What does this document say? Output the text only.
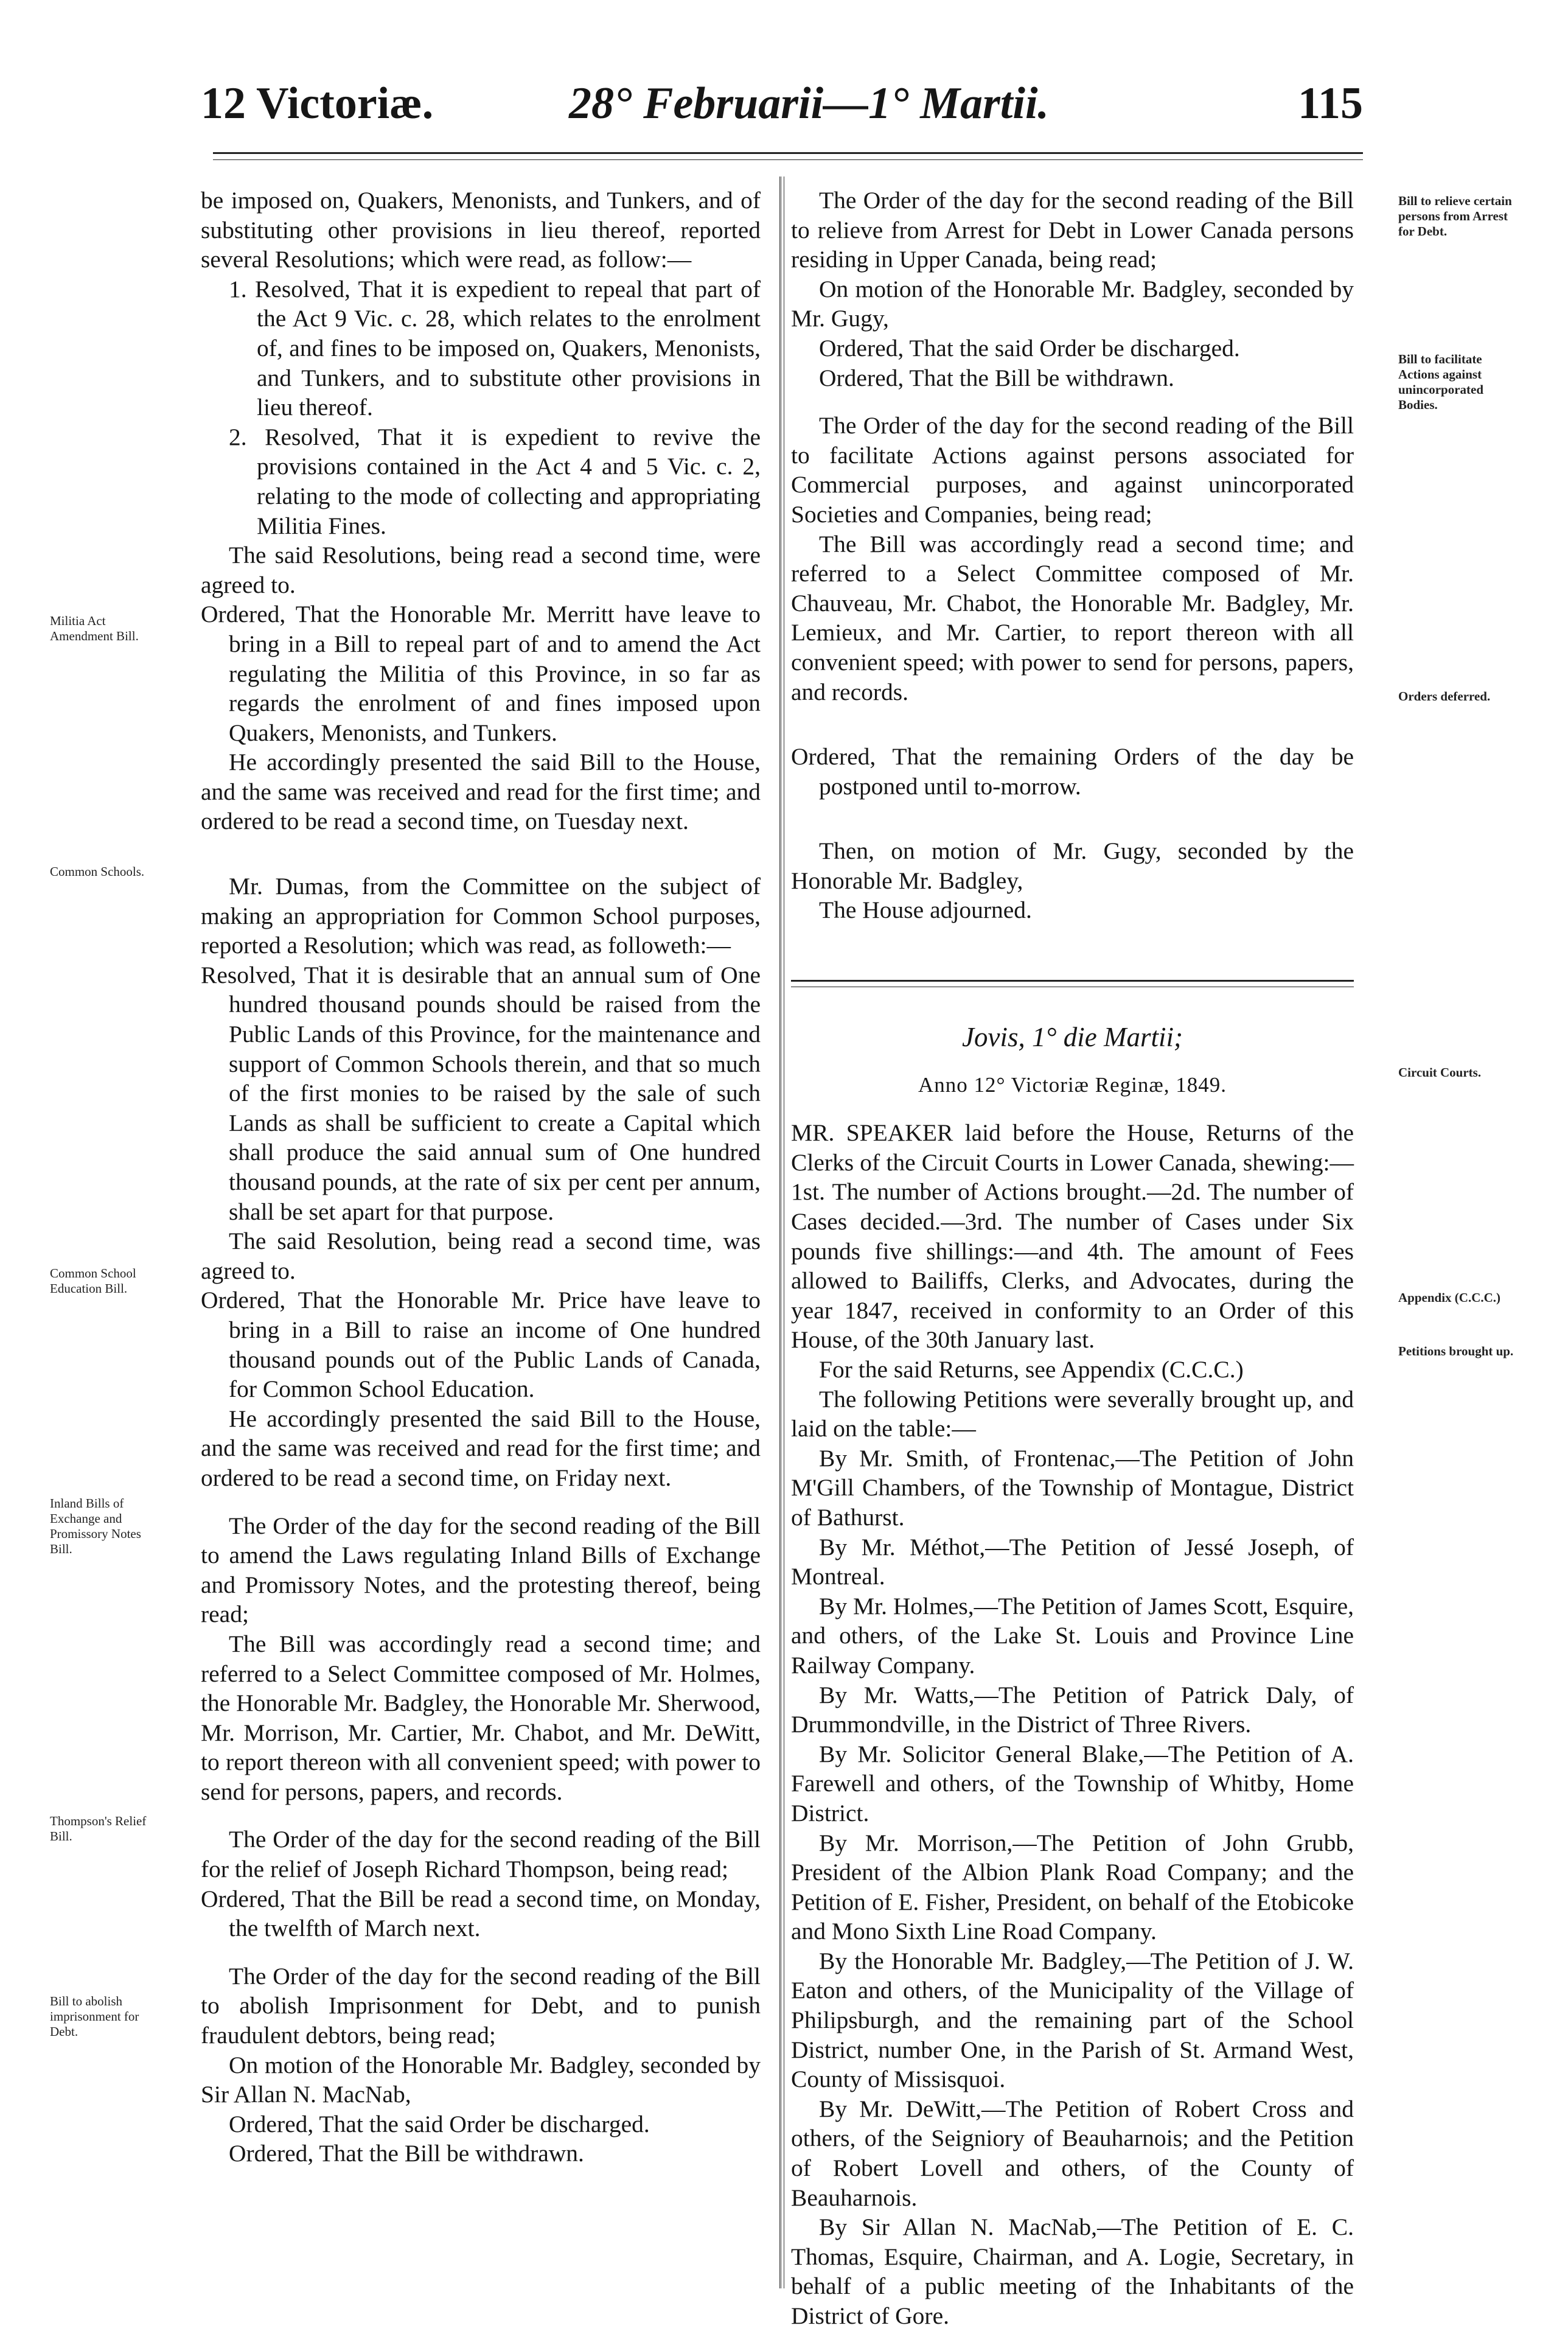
12 Victoriæ.	28° Februarii—1° Martii.	115
Militia Act Amendment Bill.
Common Schools.
Common School Education Bill.
Inland Bills of Exchange and Promissory Notes Bill.
Thompson's Relief Bill.
Bill to abolish imprisonment for Debt.
Bill to relieve certain persons from Arrest for Debt.
Bill to facilitate Actions against unincorporated Bodies.
Orders deferred.
Circuit Courts.
Appendix (C.C.C.)
Petitions brought up.

be imposed on, Quakers, Menonists, and Tunkers, and of substituting other provisions in lieu thereof, reported several Resolutions; which were read, as follow:—

1. Resolved, That it is expedient to repeal that part of the Act 9 Vic. c. 28, which relates to the enrolment of, and fines to be imposed on, Quakers, Menonists, and Tunkers, and to substitute other provisions in lieu thereof.

2. Resolved, That it is expedient to revive the provisions contained in the Act 4 and 5 Vic. c. 2, relating to the mode of collecting and appropriating Militia Fines.

The said Resolutions, being read a second time, were agreed to.

Ordered, That the Honorable Mr. Merritt have leave to bring in a Bill to repeal part of and to amend the Act regulating the Militia of this Province, in so far as regards the enrolment of and fines imposed upon Quakers, Menonists, and Tunkers.

He accordingly presented the said Bill to the House, and the same was received and read for the first time; and ordered to be read a second time, on Tuesday next.

Mr. Dumas, from the Committee on the subject of making an appropriation for Common School purposes, reported a Resolution; which was read, as followeth:—

Resolved, That it is desirable that an annual sum of One hundred thousand pounds should be raised from the Public Lands of this Province, for the maintenance and support of Common Schools therein, and that so much of the first monies to be raised by the sale of such Lands as shall be sufficient to create a Capital which shall produce the said annual sum of One hundred thousand pounds, at the rate of six per cent per annum, shall be set apart for that purpose.

The said Resolution, being read a second time, was agreed to.

Ordered, That the Honorable Mr. Price have leave to bring in a Bill to raise an income of One hundred thousand pounds out of the Public Lands of Canada, for Common School Education.

He accordingly presented the said Bill to the House, and the same was received and read for the first time; and ordered to be read a second time, on Friday next.

The Order of the day for the second reading of the Bill to amend the Laws regulating Inland Bills of Exchange and Promissory Notes, and the protesting thereof, being read;

The Bill was accordingly read a second time; and referred to a Select Committee composed of Mr. Holmes, the Honorable Mr. Badgley, the Honorable Mr. Sherwood, Mr. Morrison, Mr. Cartier, Mr. Chabot, and Mr. DeWitt, to report thereon with all convenient speed; with power to send for persons, papers, and records.

The Order of the day for the second reading of the Bill for the relief of Joseph Richard Thompson, being read;

Ordered, That the Bill be read a second time, on Monday, the twelfth of March next.

The Order of the day for the second reading of the Bill to abolish Imprisonment for Debt, and to punish fraudulent debtors, being read;

On motion of the Honorable Mr. Badgley, seconded by Sir Allan N. MacNab,

Ordered, That the said Order be discharged.

Ordered, That the Bill be withdrawn.

The Order of the day for the second reading of the Bill to relieve from Arrest for Debt in Lower Canada persons residing in Upper Canada, being read;

On motion of the Honorable Mr. Badgley, seconded by Mr. Gugy,

Ordered, That the said Order be discharged.

Ordered, That the Bill be withdrawn.

The Order of the day for the second reading of the Bill to facilitate Actions against persons associated for Commercial purposes, and against unincorporated Societies and Companies, being read;

The Bill was accordingly read a second time; and referred to a Select Committee composed of Mr. Chauveau, Mr. Chabot, the Honorable Mr. Badgley, Mr. Lemieux, and Mr. Cartier, to report thereon with all convenient speed; with power to send for persons, papers, and records.

Ordered, That the remaining Orders of the day be postponed until to-morrow.

Then, on motion of Mr. Gugy, seconded by the Honorable Mr. Badgley,

The House adjourned.

Jovis, 1° die Martii;

Anno 12° Victoriæ Reginæ, 1849.

MR. SPEAKER laid before the House, Returns of the Clerks of the Circuit Courts in Lower Canada, shewing:—1st. The number of Actions brought.—2d. The number of Cases decided.—3rd. The number of Cases under Six pounds five shillings:—and 4th. The amount of Fees allowed to Bailiffs, Clerks, and Advocates, during the year 1847, received in conformity to an Order of this House, of the 30th January last.

For the said Returns, see Appendix (C.C.C.)

The following Petitions were severally brought up, and laid on the table:—

By Mr. Smith, of Frontenac,—The Petition of John M'Gill Chambers, of the Township of Montague, District of Bathurst.

By Mr. Méthot,—The Petition of Jessé Joseph, of Montreal.

By Mr. Holmes,—The Petition of James Scott, Esquire, and others, of the Lake St. Louis and Province Line Railway Company.

By Mr. Watts,—The Petition of Patrick Daly, of Drummondville, in the District of Three Rivers.

By Mr. Solicitor General Blake,—The Petition of A. Farewell and others, of the Township of Whitby, Home District.

By Mr. Morrison,—The Petition of John Grubb, President of the Albion Plank Road Company; and the Petition of E. Fisher, President, on behalf of the Etobicoke and Mono Sixth Line Road Company.

By the Honorable Mr. Badgley,—The Petition of J. W. Eaton and others, of the Municipality of the Village of Philipsburgh, and the remaining part of the School District, number One, in the Parish of St. Armand West, County of Missisquoi.

By Mr. DeWitt,—The Petition of Robert Cross and others, of the Seigniory of Beauharnois; and the Petition of Robert Lovell and others, of the County of Beauharnois.

By Sir Allan N. MacNab,—The Petition of E. C. Thomas, Esquire, Chairman, and A. Logie, Secretary, in behalf of a public meeting of the Inhabitants of the District of Gore.
